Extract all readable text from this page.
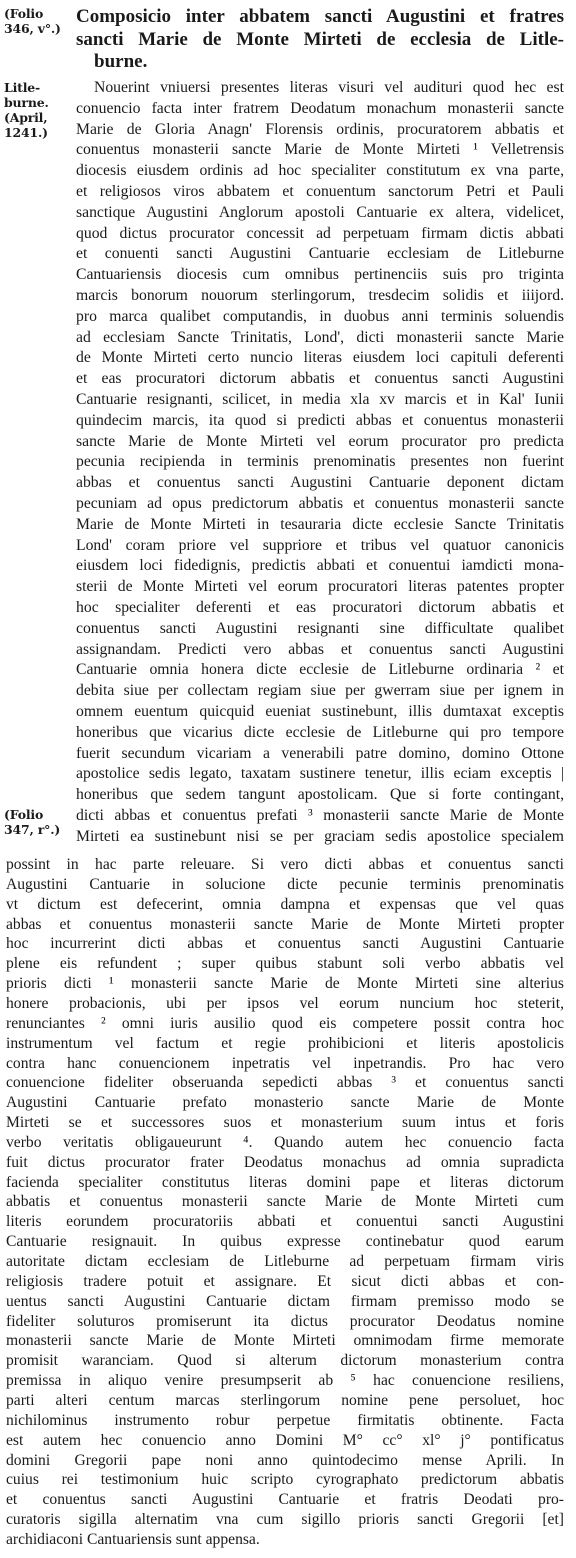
(Folio
346, v°.)
Composicio inter abbatem sancti Augustini et fratres
sancti Marie de Monte Mirteti de ecclesia de Litle-
burne.
Litle-
burne.
(April,
1241.)
(Folio
347, r°.)
Nouerint vniuersi presentes literas visuri vel audituri quod hec est
conuencio facta inter fratrem Deodatum monachum monasterii sancte
Marie de Gloria Anagn' Florensis ordinis, procuratorem abbatis et
conuentus monasterii sancte Marie de Monte Mirteti ¹ Velletrensis
diocesis eiusdem ordinis ad hoc specialiter constitutum ex vna parte,
et religiosos viros abbatem et conuentum sanctorum Petri et Pauli
sanctique Augustini Anglorum apostoli Cantuarie ex altera, videlicet,
quod dictus procurator concessit ad perpetuam firmam dictis abbati
et conuenti sancti Augustini Cantuarie ecclesiam de Litleburne
Cantuariensis diocesis cum omnibus pertinenciis suis pro triginta
marcis bonorum nouorum sterlingorum, tresdecim solidis et iiijord.
pro marca qualibet computandis, in duobus anni terminis soluendis
ad ecclesiam Sancte Trinitatis, Lond', dicti monasterii sancte Marie
de Monte Mirteti certo nuncio literas eiusdem loci capituli deferenti
et eas procuratori dictorum abbatis et conuentus sancti Augustini
Cantuarie resignanti, scilicet, in media xla xv marcis et in Kal' Iunii
quindecim marcis, ita quod si predicti abbas et conuentus monasterii
sancte Marie de Monte Mirteti vel eorum procurator pro predicta
pecunia recipienda in terminis prenominatis presentes non fuerint
abbas et conuentus sancti Augustini Cantuarie deponent dictam
pecuniam ad opus predictorum abbatis et conuentus monasterii sancte
Marie de Monte Mirteti in tesauraria dicte ecclesie Sancte Trinitatis
Lond' coram priore vel suppriore et tribus vel quatuor canonicis
eiusdem loci fidedignis, predictis abbati et conuentui iamdicti mona-
sterii de Monte Mirteti vel eorum procuratori literas patentes propter
hoc specialiter deferenti et eas procuratori dictorum abbatis et
conuentus sancti Augustini resignanti sine difficultate qualibet
assignandam. Predicti vero abbas et conuentus sancti Augustini
Cantuarie omnia honera dicte ecclesie de Litleburne ordinaria ² et
debita siue per collectam regiam siue per gwerram siue per ignem in
omnem euentum quicquid eueniat sustinebunt, illis dumtaxat exceptis
honeribus que vicarius dicte ecclesie de Litleburne qui pro tempore
fuerit secundum vicariam a venerabili patre domino, domino Ottone
apostolice sedis legato, taxatam sustinere tenetur, illis eciam exceptis |
honeribus que sedem tangunt apostolicam. Que si forte contingant,
dicti abbas et conuentus prefati ³ monasterii sancte Marie de Monte
Mirteti ea sustinebunt nisi se per graciam sedis apostolice specialem
possint in hac parte releuare. Si vero dicti abbas et conuentus sancti
Augustini Cantuarie in solucione dicte pecunie terminis prenominatis
vt dictum est defecerint, omnia dampna et expensas que vel quas
abbas et conuentus monasterii sancte Marie de Monte Mirteti propter
hoc incurrerint dicti abbas et conuentus sancti Augustini Cantuarie
plene eis refundent ; super quibus stabunt soli verbo abbatis vel
prioris dicti ¹ monasterii sancte Marie de Monte Mirteti sine alterius
honere probacionis, ubi per ipsos vel eorum nuncium hoc steterit,
renunciantes ² omni iuris ausilio quod eis competere possit contra hoc
instrumentum vel factum et regie prohibicioni et literis apostolicis
contra hanc conuencionem inpetratis vel inpetrandis. Pro hac vero
conuencione fideliter obseruanda sepedicti abbas ³ et conuentus sancti
Augustini Cantuarie prefato monasterio sancte Marie de Monte
Mirteti se et successores suos et monasterium suum intus et foris
verbo veritatis obligaueurunt ⁴. Quando autem hec conuencio facta
fuit dictus procurator frater Deodatus monachus ad omnia supradicta
facienda specialiter constitutus literas domini pape et literas dictorum
abbatis et conuentus monasterii sancte Marie de Monte Mirteti cum
literis eorundem procuratoriis abbati et conuentui sancti Augustini
Cantuarie resignauit. In quibus expresse continebatur quod earum
autoritate dictam ecclesiam de Litleburne ad perpetuam firmam viris
religiosis tradere potuit et assignare. Et sicut dicti abbas et con-
uentus sancti Augustini Cantuarie dictam firmam premisso modo se
fideliter soluturos promiserunt ita dictus procurator Deodatus nomine
monasterii sancte Marie de Monte Mirteti omnimodam firme memorate
promisit waranciam. Quod si alterum dictorum monasterium contra
premissa in aliquo venire presumpserit ab ⁵ hac conuencione resiliens,
parti alteri centum marcas sterlingorum nomine pene persoluet, hoc
nichilominus instrumento robur perpetue firmitatis obtinente. Facta
est autem hec conuencio anno Domini M° cc° xl° j° pontificatus
domini Gregorii pape noni anno quintodecimo mense Aprili. In
cuius rei testimonium huic scripto cyrographato predictorum abbatis
et conuentus sancti Augustini Cantuarie et fratris Deodati pro-
curatoris sigilla alternatim vna cum sigillo prioris sancti Gregorii [et]
archidiaconi Cantuariensis sunt appensa.
